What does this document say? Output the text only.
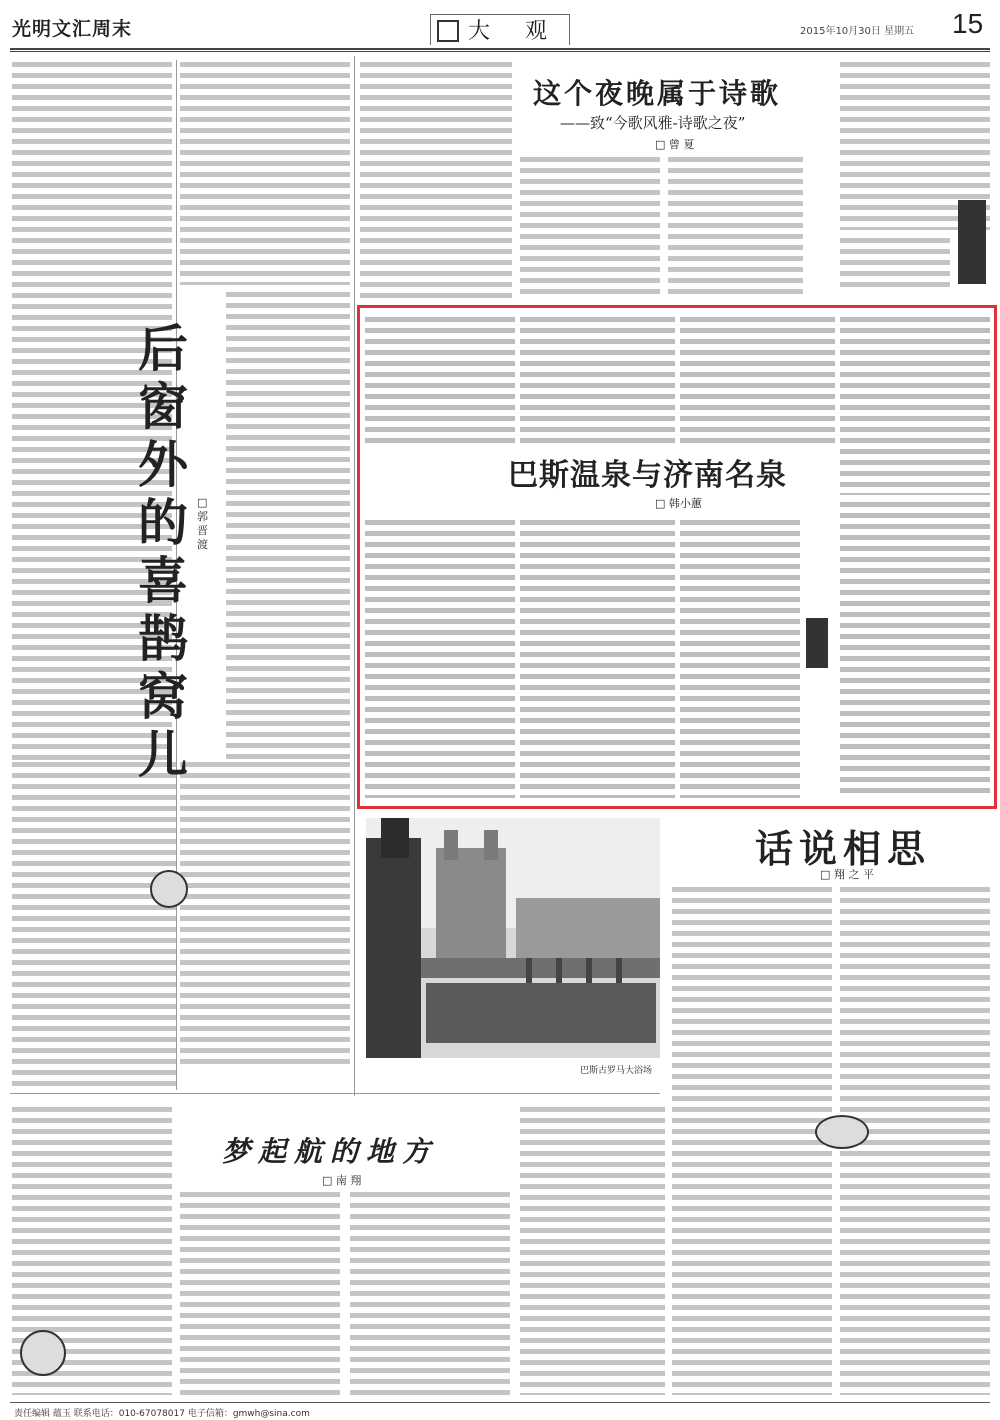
光明文汇周末	大 观	2015年10月30日 星期五 15
后窗外的喜鹊窝儿
□ 郭 晋 渡
这个夜晚属于诗歌
——致“今歌风雅-诗歌之夜”
□ 曾 夏
巴斯温泉与济南名泉
□ 韩小蕙
巴斯古罗马大浴场
话说相思
□ 翔 之 平
梦起航的地方
□ 南 翔
责任编辑 蕴玉 联系电话：010-67078017 电子信箱：gmwh@sina.com
